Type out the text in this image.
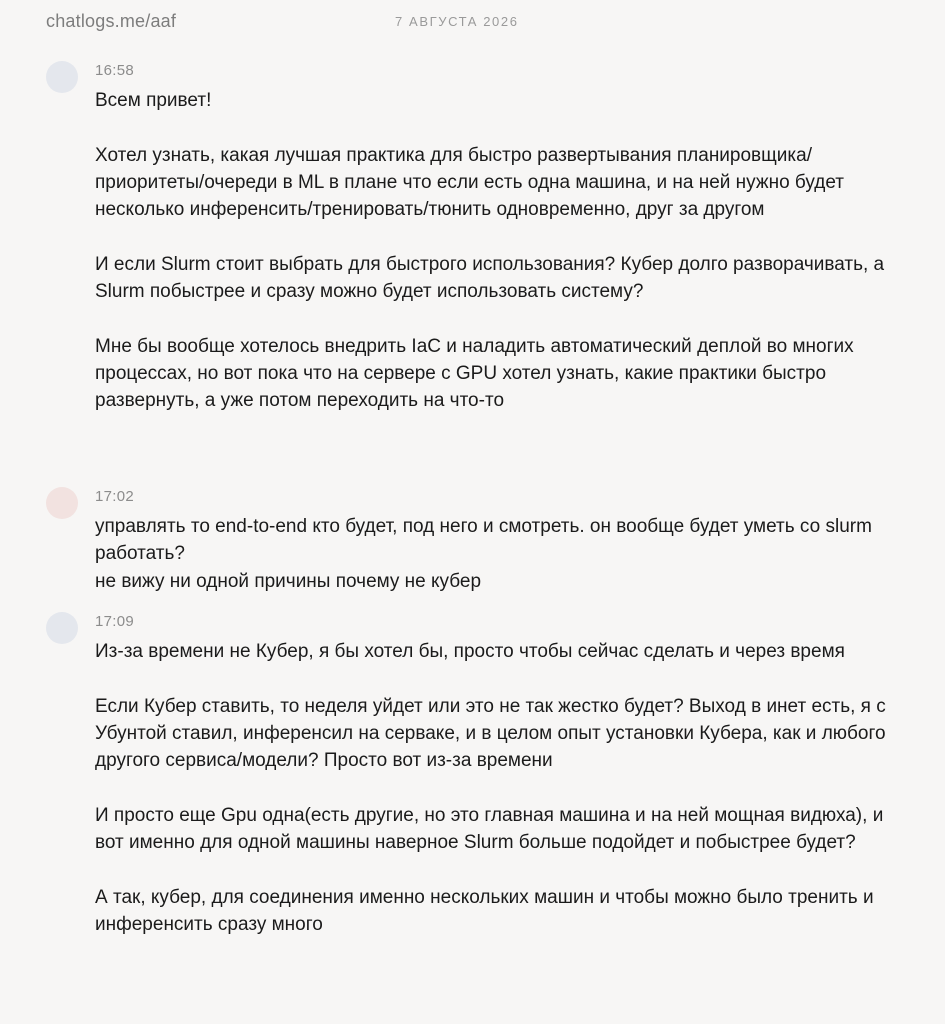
chatlogs.me/aaf	7 АВГУСТА 2026
16:58

Всем привет!

Хотел узнать, какая лучшая практика для быстро развертывания планировщика/приоритеты/очереди в ML в плане что если есть одна машина, и на ней нужно будет несколько инференсить/тренировать/тюнить одновременно, друг за другом

И если Slurm стоит выбрать для быстрого использования? Кубер долго разворачивать, а Slurm побыстрее и сразу можно будет использовать систему?

Мне бы вообще хотелось внедрить IaC и наладить автоматический деплой во многих процессах, но вот пока что на сервере с GPU хотел узнать, какие практики быстро развернуть, а уже потом переходить на что-то

17:02

управлять то end-to-end кто будет, под него и смотреть. он вообще будет уметь со slurm работать?

не вижу ни одной причины почему не кубер

17:09

Из-за времени не Кубер, я бы хотел бы, просто чтобы сейчас сделать и через время

Если Кубер ставить, то неделя уйдет или это не так жестко будет? Выход в инет есть, я с Убунтой ставил, инференсил на серваке, и в целом опыт установки Кубера, как и любого другого сервиса/модели? Просто вот из-за времени

И просто еще Gpu одна(есть другие, но это главная машина и на ней мощная видюха), и вот именно для одной машины наверное Slurm больше подойдет и побыстрее будет?

А так, кубер, для соединения именно нескольких машин и чтобы можно было тренить и инференсить сразу много
